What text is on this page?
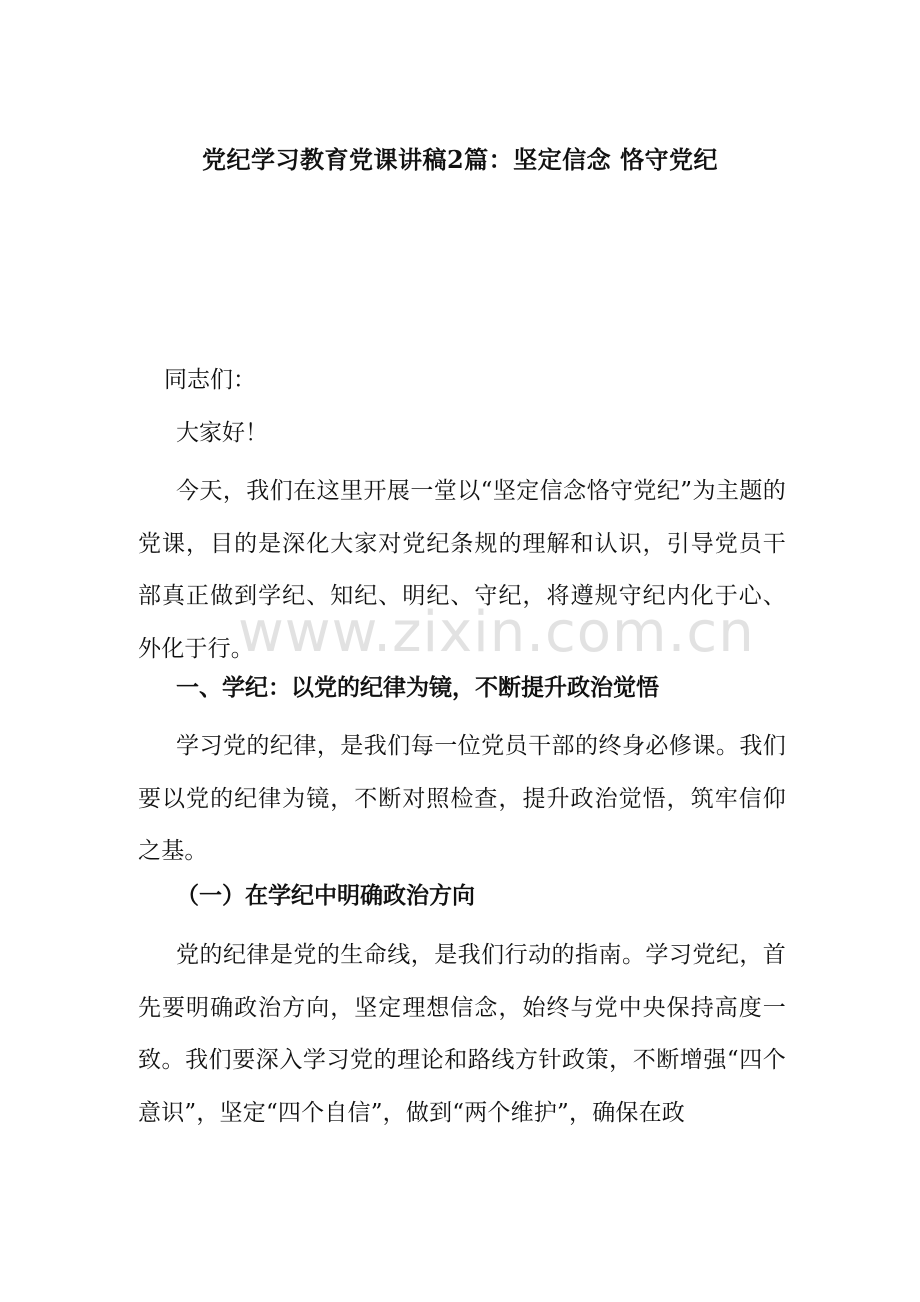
党纪学习教育党课讲稿2篇：坚定信念 恪守党纪
同志们：
大家好！

今天，我们在这里开展一堂以“坚定信念恪守党纪”为主题的党课，目的是深化大家对党纪条规的理解和认识，引导党员干部真正做到学纪、知纪、明纪、守纪，将遵规守纪内化于心、外化于行。

一、学纪：以党的纪律为镜，不断提升政治觉悟

学习党的纪律，是我们每一位党员干部的终身必修课。我们要以党的纪律为镜，不断对照检查，提升政治觉悟，筑牢信仰之基。

（一）在学纪中明确政治方向

党的纪律是党的生命线，是我们行动的指南。学习党纪，首先要明确政治方向，坚定理想信念，始终与党中央保持高度一致。我们要深入学习党的理论和路线方针政策，不断增强“四个意识”，坚定“四个自信”，做到“两个维护”，确保在政

www.zixin.com.cn
